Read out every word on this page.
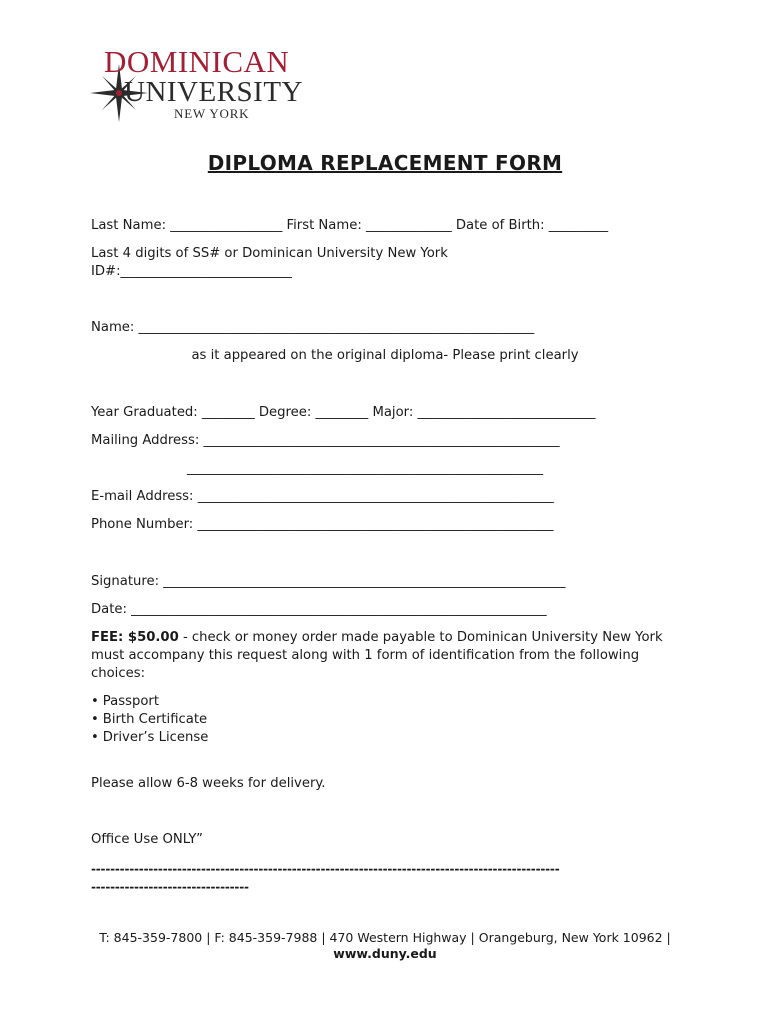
DOMINICAN
UNIVERSITY
NEW YORK
DIPLOMA REPLACEMENT FORM
Last Name: _________________ First Name: _____________ Date of Birth: _________
Last 4 digits of SS# or Dominican University New York
ID#:__________________________
Name: ____________________________________________________________
as it appeared on the original diploma- Please print clearly
Year Graduated: ________ Degree: ________ Major: ___________________________
Mailing Address: ______________________________________________________
______________________________________________________
E-mail Address: ______________________________________________________
Phone Number: ______________________________________________________
Signature: _____________________________________________________________
Date: _______________________________________________________________
FEE: $50.00 - check or money order made payable to Dominican University New York must accompany this request along with 1 form of identification from the following choices:
• Passport
• Birth Certificate
• Driver’s License
Please allow 6-8 weeks for delivery.
Office Use ONLY”
--------------------------------------------------------------------------------------------------
---------------------------------
T: 845-359-7800 | F: 845-359-7988 | 470 Western Highway | Orangeburg, New York 10962 |
www.duny.edu
